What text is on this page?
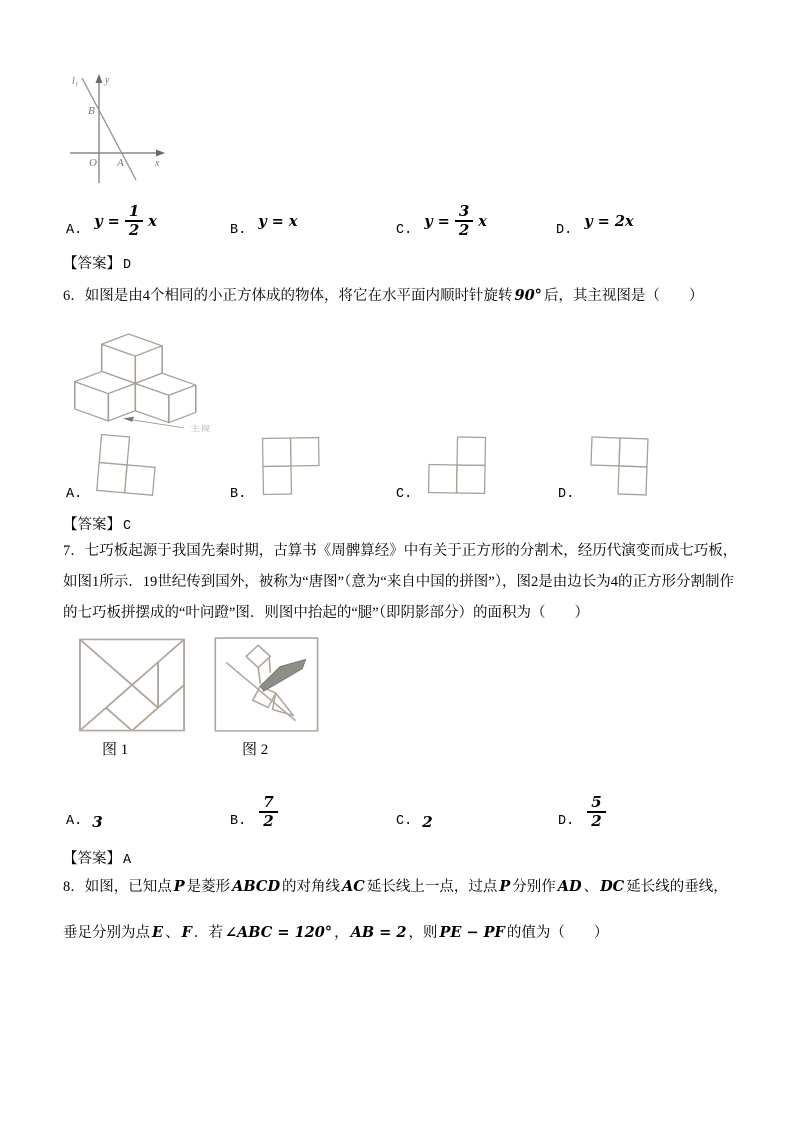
l₁	y
B
O A	x
A.
$y = \frac{1}{2}$ x
B.
y = x
C.
$y = \frac{3}{2}$ x
D.
y = 2x
【答案】 D
6．如图是由4个相同的小正方体成的物体，将它在水平面内顺时针旋转 90° 后，其主视图是（　　）
主视
A.	B.	C.	D.
【答案】 C
7．七巧板起源于我国先秦时期，古算书《周髀算经》中有关于正方形的分割术，经历代演变而成七巧板，如图1所示．19世纪传到国外，被称为“唐图”（意为“来自中国的拼图”），图2是由边长为4的正方形分割制作的七巧板拼摆成的“叶问蹬”图．则图中抬起的“腿”（即阴影部分）的面积为（　　）
图 1	图 2
A. 3	B. $\frac{7}{2}$	C. 2	D. $\frac{5}{2}$
【答案】 A
8．如图，已知点 P 是菱形 ABCD 的对角线 AC 延长线上一点，过点 P 分别作 AD 、 DC 延长线的垂线，垂足分别为点 E 、 F ．若 ∠ABC = 120° ， AB = 2 ，则 PE − PF 的值为（　　）
